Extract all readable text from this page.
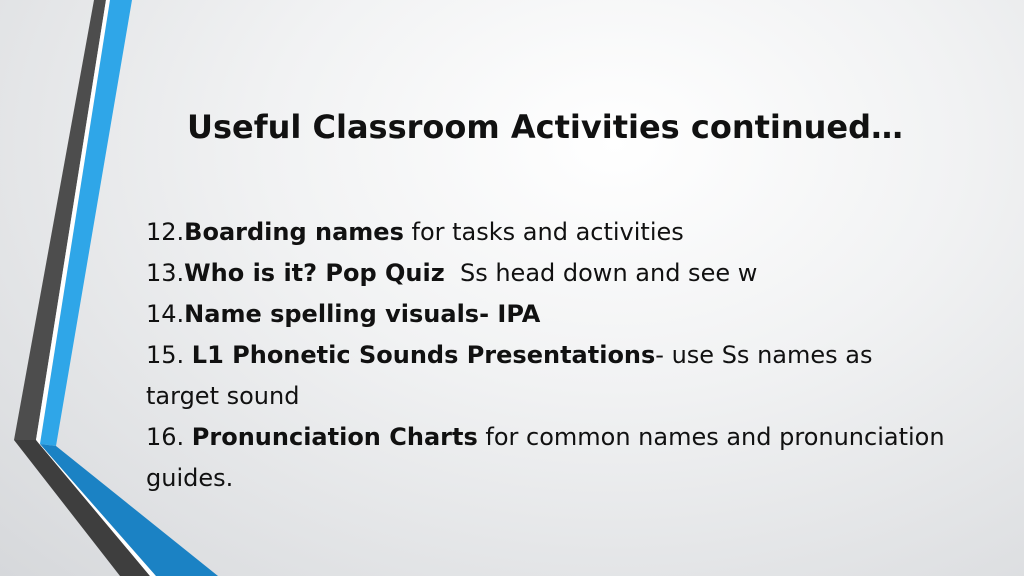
Useful Classroom Activities continued…

12.Boarding names for tasks and activities

13.Who is it? Pop Quiz  Ss head down and see w

14.Name spelling visuals- IPA

15. L1 Phonetic Sounds Presentations- use Ss names as target sound

16. Pronunciation Charts for common names and pronunciation guides.
